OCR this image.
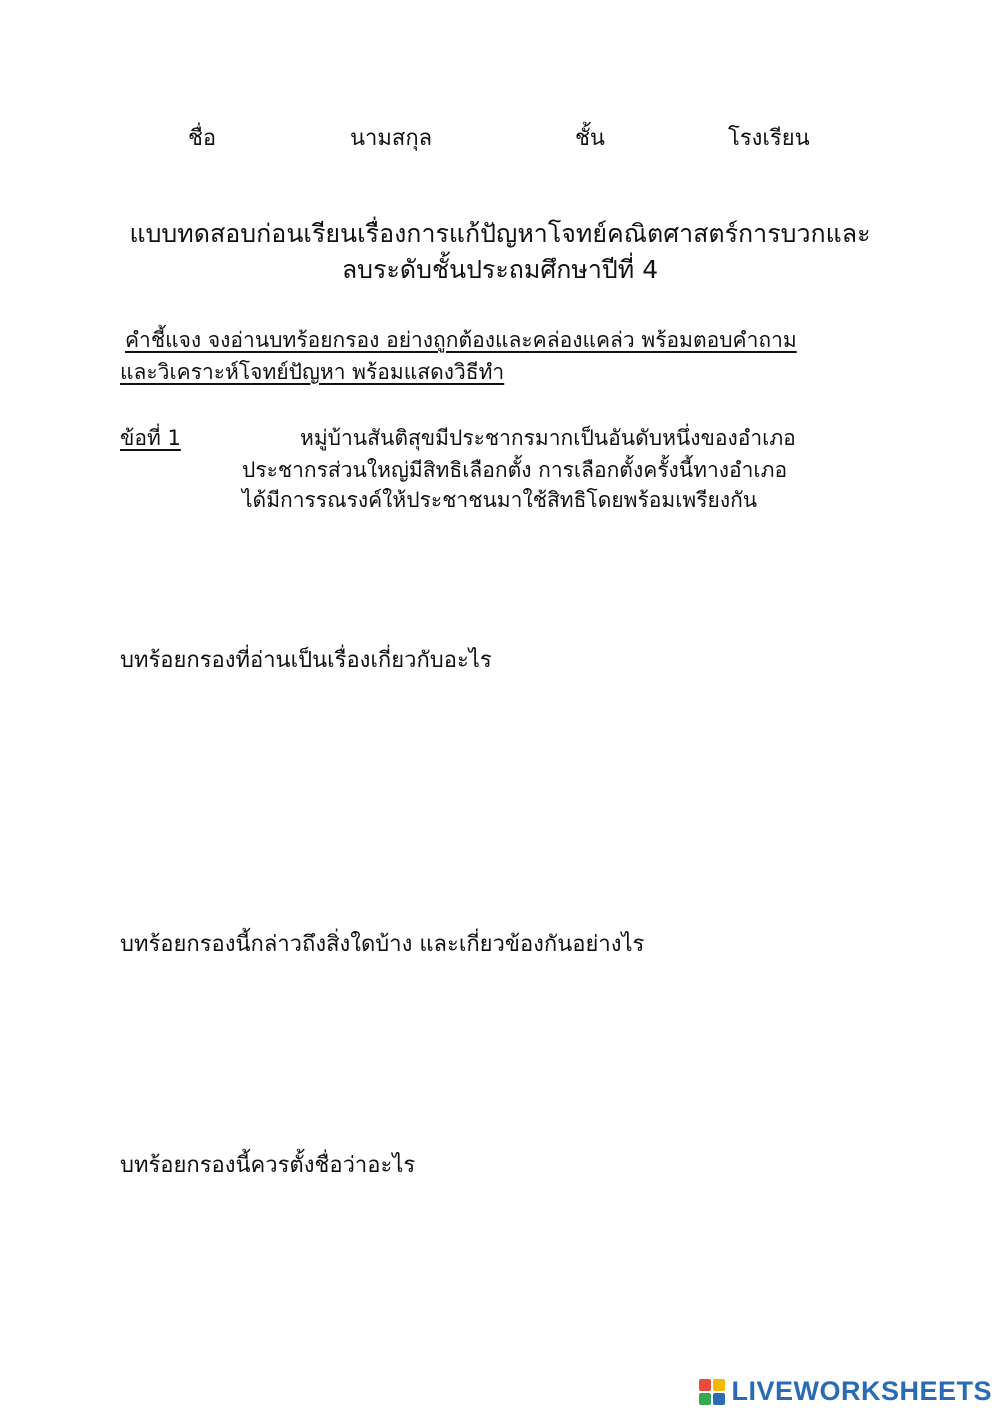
ชื่อ	นามสกุล	ชั้น	โรงเรียน
แบบทดสอบก่อนเรียนเรื่องการแก้ปัญหาโจทย์คณิตศาสตร์การบวกและ
ลบระดับชั้นประถมศึกษาปีที่ 4
คำชี้แจง จงอ่านบทร้อยกรอง อย่างถูกต้องและคล่องแคล่ว พร้อมตอบคำถาม
และวิเคราะห์โจทย์ปัญหา พร้อมแสดงวิธีทำ
ข้อที่ 1	หมู่บ้านสันติสุขมีประชากรมากเป็นอันดับหนึ่งของอำเภอ
ประชากรส่วนใหญ่มีสิทธิเลือกตั้ง การเลือกตั้งครั้งนี้ทางอำเภอ
ได้มีการรณรงค์ให้ประชาชนมาใช้สิทธิโดยพร้อมเพรียงกัน
บทร้อยกรองที่อ่านเป็นเรื่องเกี่ยวกับอะไร
บทร้อยกรองนี้กล่าวถึงสิ่งใดบ้าง และเกี่ยวข้องกันอย่างไร
บทร้อยกรองนี้ควรตั้งชื่อว่าอะไร
LIVEWORKSHEETS
